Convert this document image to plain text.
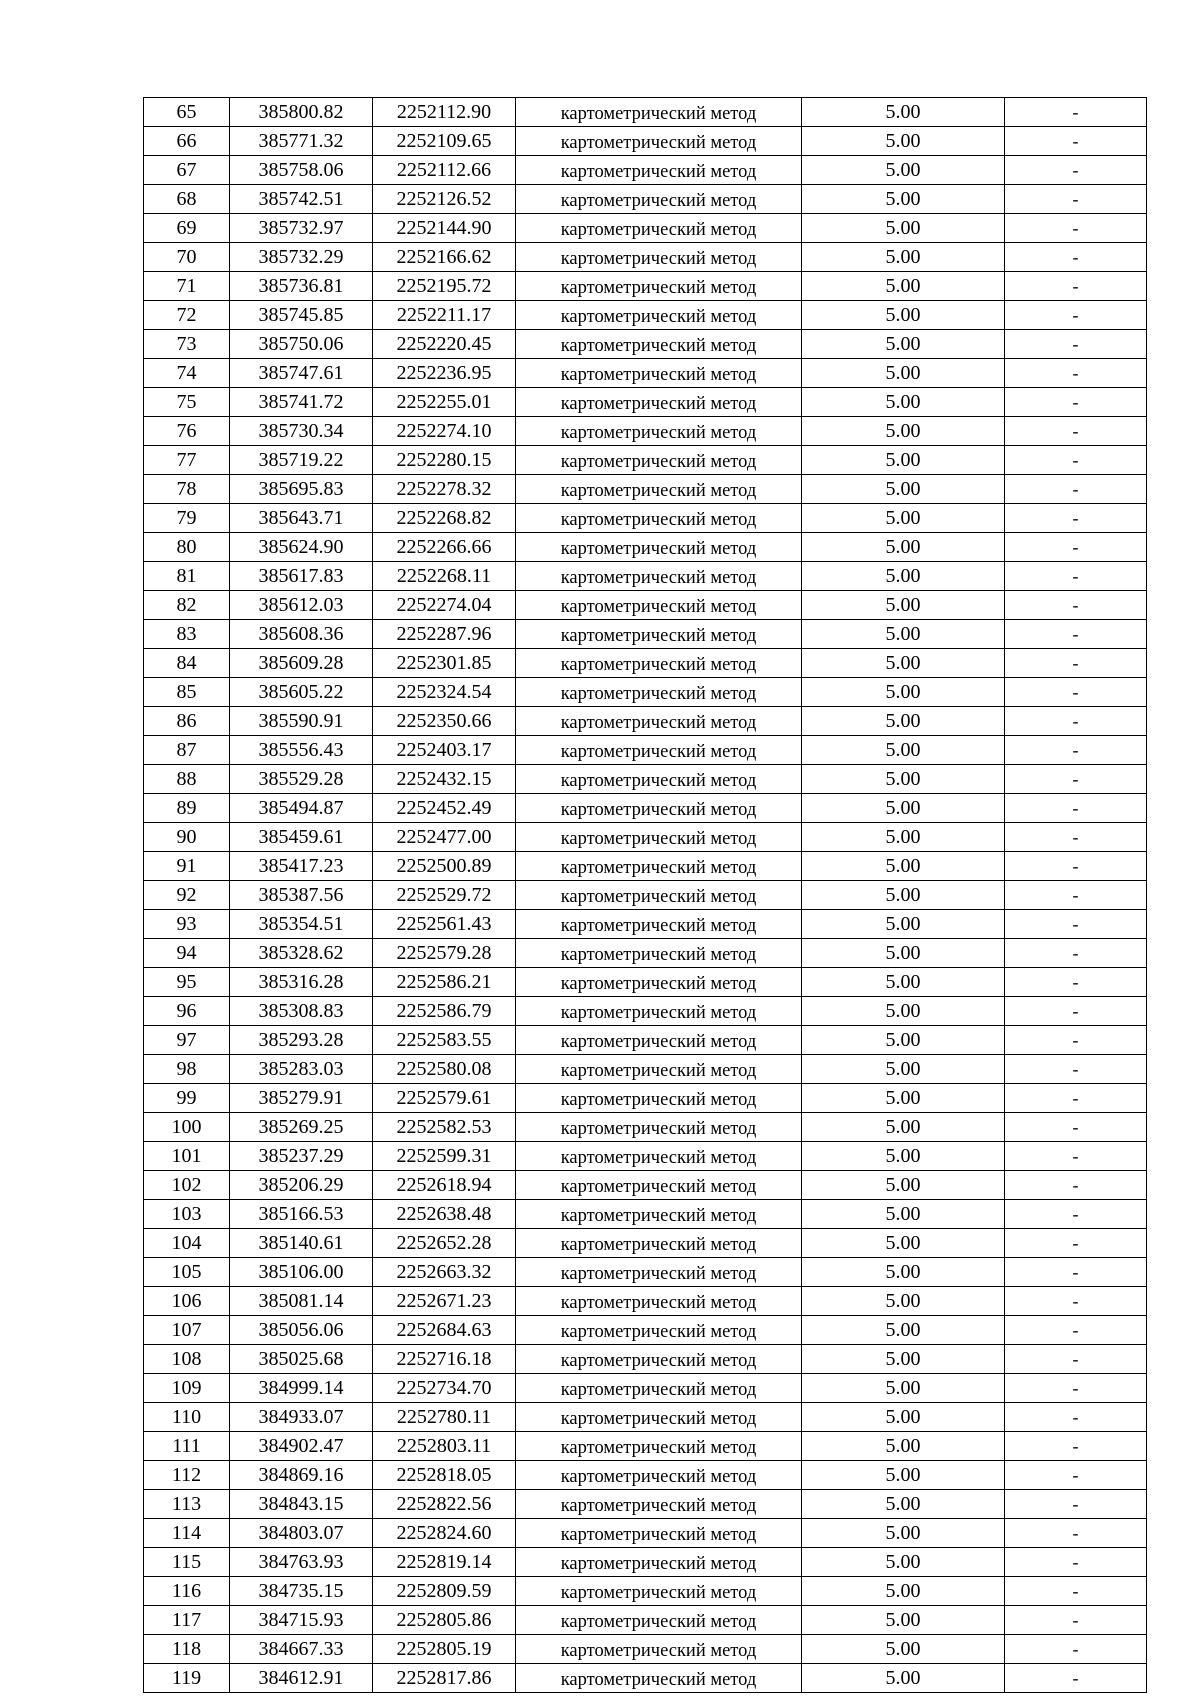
65	385800.82	2252112.90	картометрический метод	5.00	-
66	385771.32	2252109.65	картометрический метод	5.00	-
67	385758.06	2252112.66	картометрический метод	5.00	-
68	385742.51	2252126.52	картометрический метод	5.00	-
69	385732.97	2252144.90	картометрический метод	5.00	-
70	385732.29	2252166.62	картометрический метод	5.00	-
71	385736.81	2252195.72	картометрический метод	5.00	-
72	385745.85	2252211.17	картометрический метод	5.00	-
73	385750.06	2252220.45	картометрический метод	5.00	-
74	385747.61	2252236.95	картометрический метод	5.00	-
75	385741.72	2252255.01	картометрический метод	5.00	-
76	385730.34	2252274.10	картометрический метод	5.00	-
77	385719.22	2252280.15	картометрический метод	5.00	-
78	385695.83	2252278.32	картометрический метод	5.00	-
79	385643.71	2252268.82	картометрический метод	5.00	-
80	385624.90	2252266.66	картометрический метод	5.00	-
81	385617.83	2252268.11	картометрический метод	5.00	-
82	385612.03	2252274.04	картометрический метод	5.00	-
83	385608.36	2252287.96	картометрический метод	5.00	-
84	385609.28	2252301.85	картометрический метод	5.00	-
85	385605.22	2252324.54	картометрический метод	5.00	-
86	385590.91	2252350.66	картометрический метод	5.00	-
87	385556.43	2252403.17	картометрический метод	5.00	-
88	385529.28	2252432.15	картометрический метод	5.00	-
89	385494.87	2252452.49	картометрический метод	5.00	-
90	385459.61	2252477.00	картометрический метод	5.00	-
91	385417.23	2252500.89	картометрический метод	5.00	-
92	385387.56	2252529.72	картометрический метод	5.00	-
93	385354.51	2252561.43	картометрический метод	5.00	-
94	385328.62	2252579.28	картометрический метод	5.00	-
95	385316.28	2252586.21	картометрический метод	5.00	-
96	385308.83	2252586.79	картометрический метод	5.00	-
97	385293.28	2252583.55	картометрический метод	5.00	-
98	385283.03	2252580.08	картометрический метод	5.00	-
99	385279.91	2252579.61	картометрический метод	5.00	-
100	385269.25	2252582.53	картометрический метод	5.00	-
101	385237.29	2252599.31	картометрический метод	5.00	-
102	385206.29	2252618.94	картометрический метод	5.00	-
103	385166.53	2252638.48	картометрический метод	5.00	-
104	385140.61	2252652.28	картометрический метод	5.00	-
105	385106.00	2252663.32	картометрический метод	5.00	-
106	385081.14	2252671.23	картометрический метод	5.00	-
107	385056.06	2252684.63	картометрический метод	5.00	-
108	385025.68	2252716.18	картометрический метод	5.00	-
109	384999.14	2252734.70	картометрический метод	5.00	-
110	384933.07	2252780.11	картометрический метод	5.00	-
111	384902.47	2252803.11	картометрический метод	5.00	-
112	384869.16	2252818.05	картометрический метод	5.00	-
113	384843.15	2252822.56	картометрический метод	5.00	-
114	384803.07	2252824.60	картометрический метод	5.00	-
115	384763.93	2252819.14	картометрический метод	5.00	-
116	384735.15	2252809.59	картометрический метод	5.00	-
117	384715.93	2252805.86	картометрический метод	5.00	-
118	384667.33	2252805.19	картометрический метод	5.00	-
119	384612.91	2252817.86	картометрический метод	5.00	-
